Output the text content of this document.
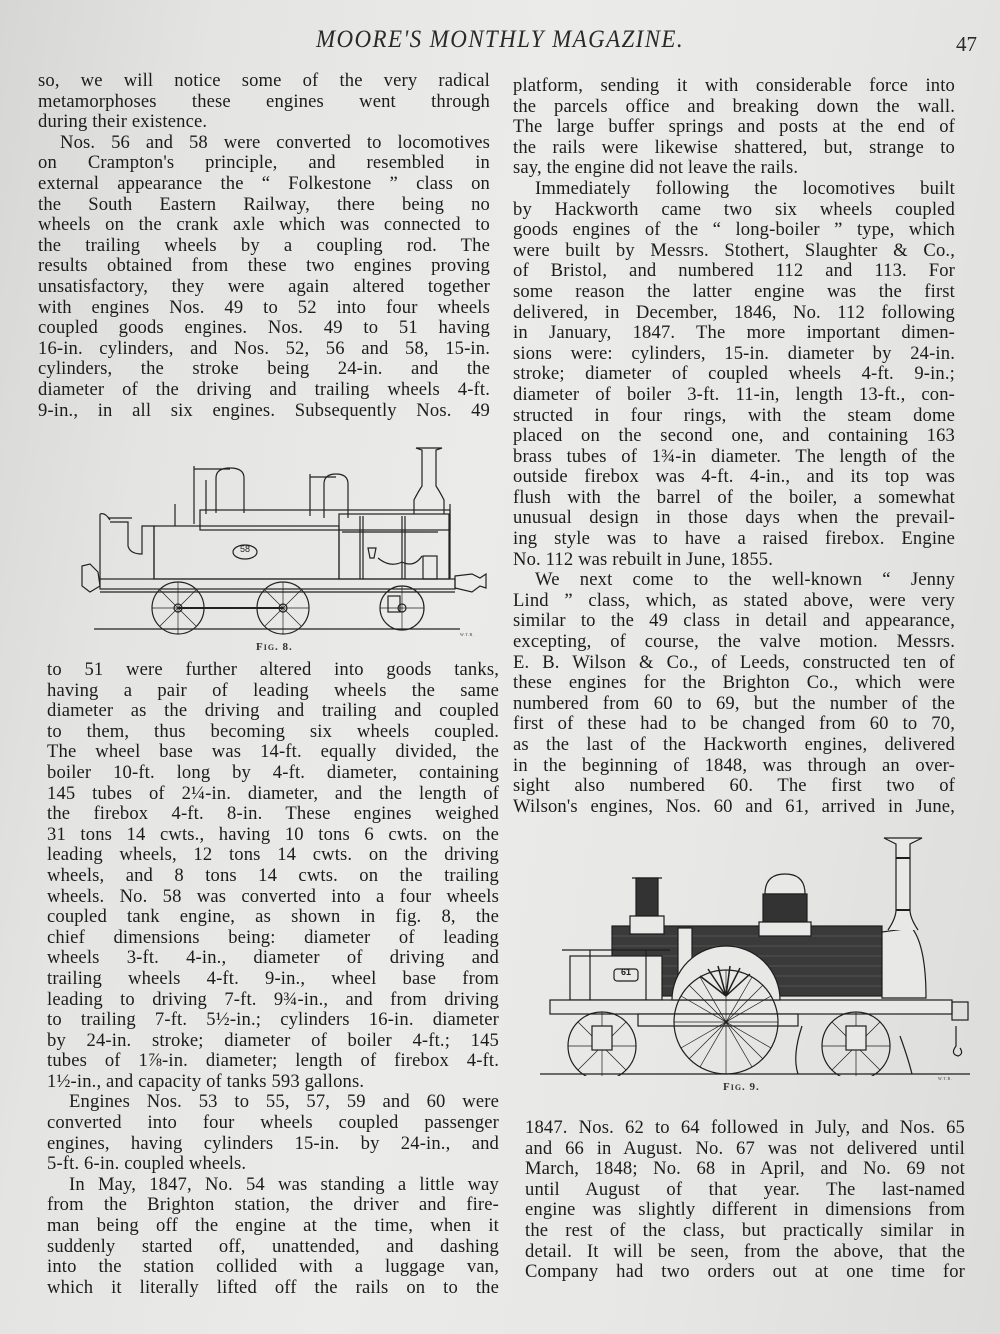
MOORE'S MONTHLY MAGAZINE.	47
so, we will notice some of the very radical
metamorphoses these engines went through
during their existence.
Nos. 56 and 58 were converted to locomotives
on Crampton's principle, and resembled in
external appearance the “ Folkestone ” class on
the South Eastern Railway, there being no
wheels on the crank axle which was connected to
the trailing wheels by a coupling rod. The
results obtained from these two engines proving
unsatisfactory, they were again altered together
with engines Nos. 49 to 52 into four wheels
coupled goods engines. Nos. 49 to 51 having
16-in. cylinders, and Nos. 52, 56 and 58, 15-in.
cylinders, the stroke being 24-in. and the
diameter of the driving and trailing wheels 4-ft.
9-in., in all six engines. Subsequently Nos. 49
58
W.T.B.
Fig. 8.
to 51 were further altered into goods tanks,
having a pair of leading wheels the same
diameter as the driving and trailing and coupled
to them, thus becoming six wheels coupled.
The wheel base was 14-ft. equally divided, the
boiler 10-ft. long by 4-ft. diameter, containing
145 tubes of 2¼-in. diameter, and the length of
the firebox 4-ft. 8-in. These engines weighed
31 tons 14 cwts., having 10 tons 6 cwts. on the
leading wheels, 12 tons 14 cwts. on the driving
wheels, and 8 tons 14 cwts. on the trailing
wheels. No. 58 was converted into a four wheels
coupled tank engine, as shown in fig. 8, the
chief dimensions being: diameter of leading
wheels 3-ft. 4-in., diameter of driving and
trailing wheels 4-ft. 9-in., wheel base from
leading to driving 7-ft. 9¾-in., and from driving
to trailing 7-ft. 5½-in.; cylinders 16-in. diameter
by 24-in. stroke; diameter of boiler 4-ft.; 145
tubes of 1⅞-in. diameter; length of firebox 4-ft.
1½-in., and capacity of tanks 593 gallons.
Engines Nos. 53 to 55, 57, 59 and 60 were
converted into four wheels coupled passenger
engines, having cylinders 15-in. by 24-in., and
5-ft. 6-in. coupled wheels.
In May, 1847, No. 54 was standing a little way
from the Brighton station, the driver and fire-
man being off the engine at the time, when it
suddenly started off, unattended, and dashing
into the station collided with a luggage van,
which it literally lifted off the rails on to the
platform, sending it with considerable force into
the parcels office and breaking down the wall.
The large buffer springs and posts at the end of
the rails were likewise shattered, but, strange to
say, the engine did not leave the rails.
Immediately following the locomotives built
by Hackworth came two six wheels coupled
goods engines of the “ long-boiler ” type, which
were built by Messrs. Stothert, Slaughter & Co.,
of Bristol, and numbered 112 and 113. For
some reason the latter engine was the first
delivered, in December, 1846, No. 112 following
in January, 1847. The more important dimen-
sions were: cylinders, 15-in. diameter by 24-in.
stroke; diameter of coupled wheels 4-ft. 9-in.;
diameter of boiler 3-ft. 11-in, length 13-ft., con-
structed in four rings, with the steam dome
placed on the second one, and containing 163
brass tubes of 1¾-in diameter. The length of the
outside firebox was 4-ft. 4-in., and its top was
flush with the barrel of the boiler, a somewhat
unusual design in those days when the prevail-
ing style was to have a raised firebox. Engine
No. 112 was rebuilt in June, 1855.
We next come to the well-known “ Jenny
Lind ” class, which, as stated above, were very
similar to the 49 class in detail and appearance,
excepting, of course, the valve motion. Messrs.
E. B. Wilson & Co., of Leeds, constructed ten of
these engines for the Brighton Co., which were
numbered from 60 to 69, but the number of the
first of these had to be changed from 60 to 70,
as the last of the Hackworth engines, delivered
in the beginning of 1848, was through an over-
sight also numbered 60. The first two of
Wilson's engines, Nos. 60 and 61, arrived in June,
61
W.T.B.
Fig. 9.
1847. Nos. 62 to 64 followed in July, and Nos. 65
and 66 in August. No. 67 was not delivered until
March, 1848; No. 68 in April, and No. 69 not
until August of that year. The last-named
engine was slightly different in dimensions from
the rest of the class, but practically similar in
detail. It will be seen, from the above, that the
Company had two orders out at one time for
